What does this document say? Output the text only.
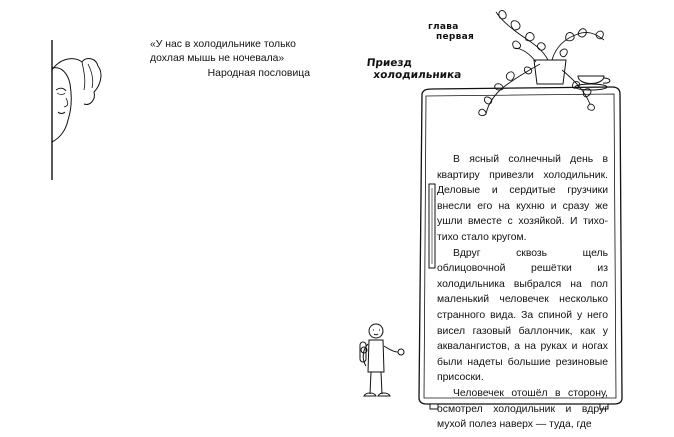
«У нас в холодильнике только
дохлая мышь не ночевала»
Народная пословица
глава
первая
Приезд
холодильника

В ясный солнечный день в квартиру привезли холодильник. Деловые и сердитые грузчики внесли его на кухню и сразу же ушли вместе с хозяйкой. И тихо-тихо стало кругом.

Вдруг сквозь щель облицовочной решётки из холодильника выбрался на пол маленький человечек несколько странного вида. За спиной у него висел газовый баллончик, как у аквалангистов, а на руках и ногах были надеты большие резиновые присоски.

Человечек отошёл в сторону, осмотрел холодильник и вдруг мухой полез наверх — туда, где
